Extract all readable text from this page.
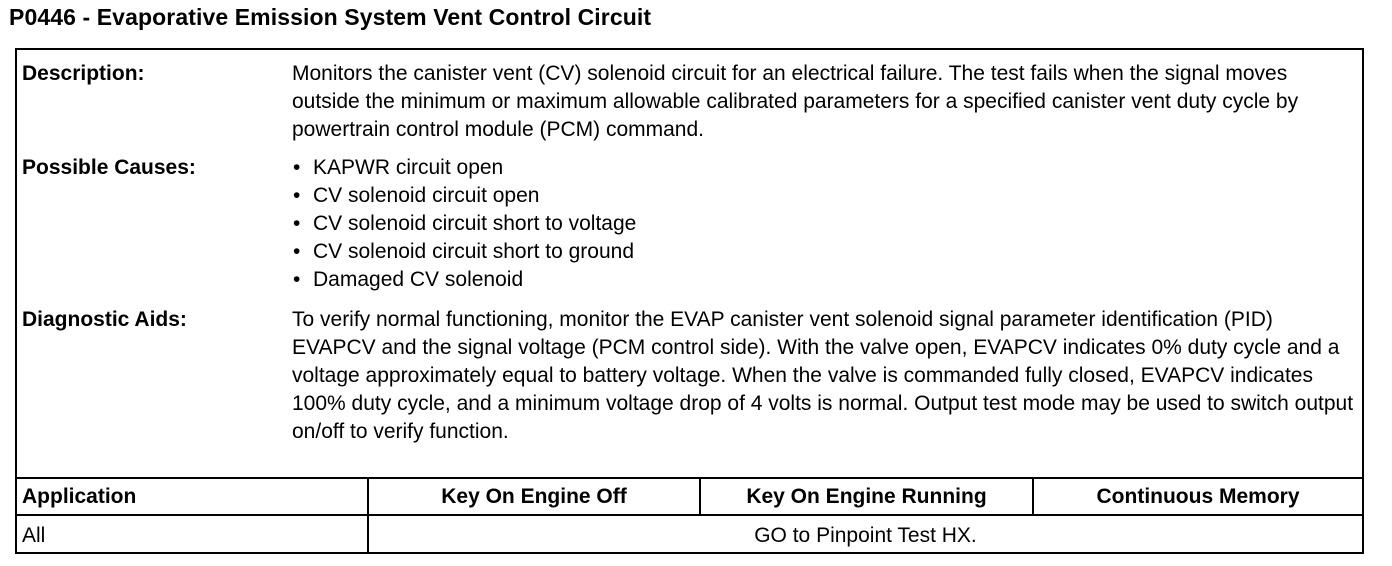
P0446 - Evaporative Emission System Vent Control Circuit
Description:	Monitors the canister vent (CV) solenoid circuit for an electrical failure. The test fails when the signal moves outside the minimum or maximum allowable calibrated parameters for a specified canister vent duty cycle by powertrain control module (PCM) command.
Possible Causes:
•	KAPWR circuit open
• CV solenoid circuit open
• CV solenoid circuit short to voltage
• CV solenoid circuit short to ground
• Damaged CV solenoid
Diagnostic Aids:	To verify normal functioning, monitor the EVAP canister vent solenoid signal parameter identification (PID) EVAPCV and the signal voltage (PCM control side). With the valve open, EVAPCV indicates 0% duty cycle and a voltage approximately equal to battery voltage. When the valve is commanded fully closed, EVAPCV indicates 100% duty cycle, and a minimum voltage drop of 4 volts is normal. Output test mode may be used to switch output on/off to verify function.
Application	Key On Engine Off	Key On Engine Running	Continuous Memory
All	GO to Pinpoint Test HX.
